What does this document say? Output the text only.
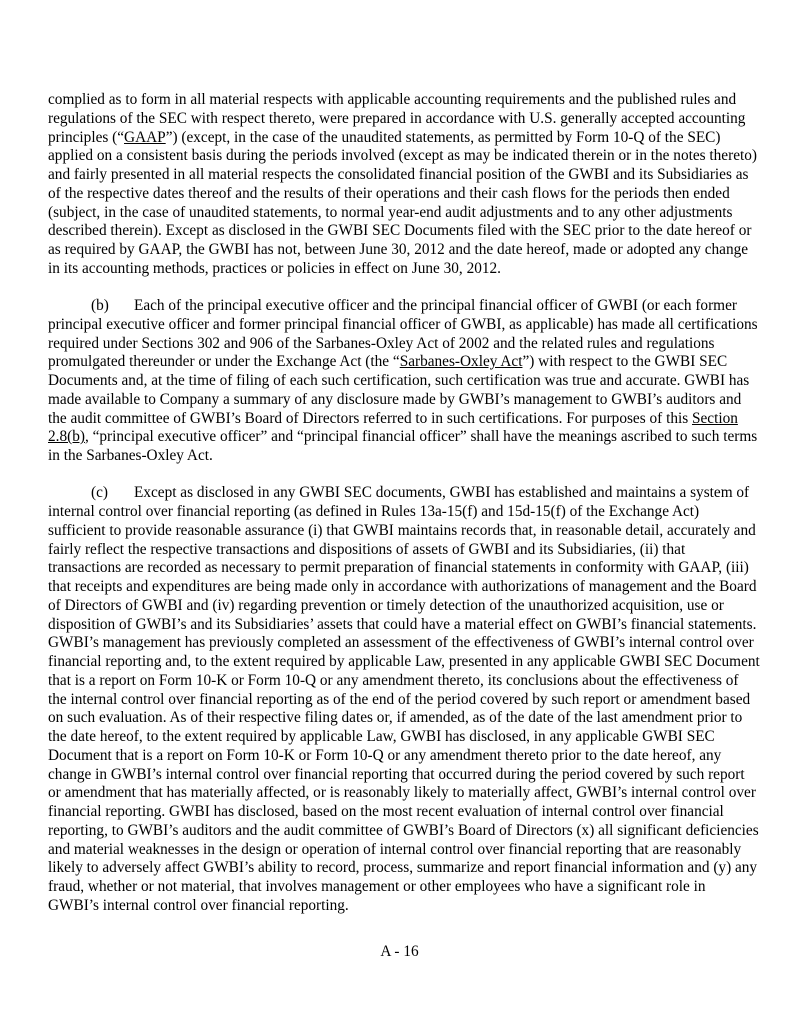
complied as to form in all material respects with applicable accounting requirements and the published rules and regulations of the SEC with respect thereto, were prepared in accordance with U.S. generally accepted accounting principles (“GAAP”) (except, in the case of the unaudited statements, as permitted by Form 10-Q of the SEC) applied on a consistent basis during the periods involved (except as may be indicated therein or in the notes thereto) and fairly presented in all material respects the consolidated financial position of the GWBI and its Subsidiaries as of the respective dates thereof and the results of their operations and their cash flows for the periods then ended (subject, in the case of unaudited statements, to normal year-end audit adjustments and to any other adjustments described therein). Except as disclosed in the GWBI SEC Documents filed with the SEC prior to the date hereof or as required by GAAP, the GWBI has not, between June 30, 2012 and the date hereof, made or adopted any change in its accounting methods, practices or policies in effect on June 30, 2012.

(b) Each of the principal executive officer and the principal financial officer of GWBI (or each former principal executive officer and former principal financial officer of GWBI, as applicable) has made all certifications required under Sections 302 and 906 of the Sarbanes-Oxley Act of 2002 and the related rules and regulations promulgated thereunder or under the Exchange Act (the “Sarbanes-Oxley Act”) with respect to the GWBI SEC Documents and, at the time of filing of each such certification, such certification was true and accurate. GWBI has made available to Company a summary of any disclosure made by GWBI’s management to GWBI’s auditors and the audit committee of GWBI’s Board of Directors referred to in such certifications. For purposes of this Section 2.8(b), “principal executive officer” and “principal financial officer” shall have the meanings ascribed to such terms in the Sarbanes-Oxley Act.

(c) Except as disclosed in any GWBI SEC documents, GWBI has established and maintains a system of internal control over financial reporting (as defined in Rules 13a-15(f) and 15d-15(f) of the Exchange Act) sufficient to provide reasonable assurance (i) that GWBI maintains records that, in reasonable detail, accurately and fairly reflect the respective transactions and dispositions of assets of GWBI and its Subsidiaries, (ii) that transactions are recorded as necessary to permit preparation of financial statements in conformity with GAAP, (iii) that receipts and expenditures are being made only in accordance with authorizations of management and the Board of Directors of GWBI and (iv) regarding prevention or timely detection of the unauthorized acquisition, use or disposition of GWBI’s and its Subsidiaries’ assets that could have a material effect on GWBI’s financial statements. GWBI’s management has previously completed an assessment of the effectiveness of GWBI’s internal control over financial reporting and, to the extent required by applicable Law, presented in any applicable GWBI SEC Document that is a report on Form 10-K or Form 10-Q or any amendment thereto, its conclusions about the effectiveness of the internal control over financial reporting as of the end of the period covered by such report or amendment based on such evaluation. As of their respective filing dates or, if amended, as of the date of the last amendment prior to the date hereof, to the extent required by applicable Law, GWBI has disclosed, in any applicable GWBI SEC Document that is a report on Form 10-K or Form 10-Q or any amendment thereto prior to the date hereof, any change in GWBI’s internal control over financial reporting that occurred during the period covered by such report or amendment that has materially affected, or is reasonably likely to materially affect, GWBI’s internal control over financial reporting. GWBI has disclosed, based on the most recent evaluation of internal control over financial reporting, to GWBI’s auditors and the audit committee of GWBI’s Board of Directors (x) all significant deficiencies and material weaknesses in the design or operation of internal control over financial reporting that are reasonably likely to adversely affect GWBI’s ability to record, process, summarize and report financial information and (y) any fraud, whether or not material, that involves management or other employees who have a significant role in GWBI’s internal control over financial reporting.

A - 16
